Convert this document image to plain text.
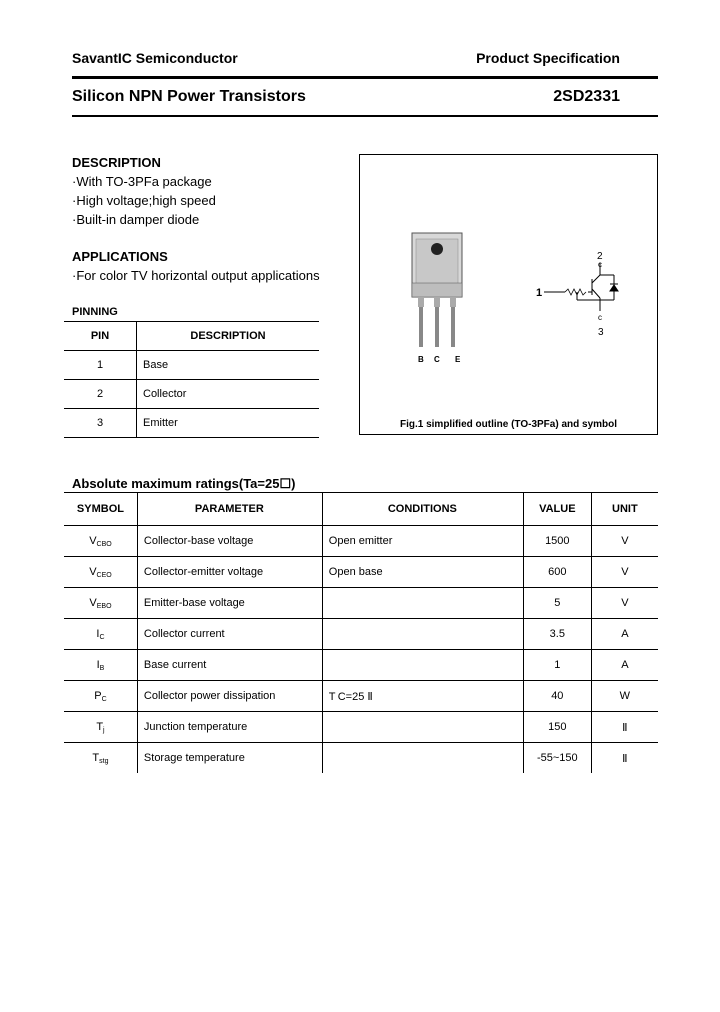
SavantIC Semiconductor	Product Specification
Silicon NPN Power Transistors	2SD2331
DESCRIPTION
·With TO-3PFa package
·High voltage;high speed
·Built-in damper diode
APPLICATIONS
·For color TV horizontal output applications
PINNING
PIN	DESCRIPTION
1	Base
2	Collector
3	Emitter
B C E
1
2
c
c
3
Fig.1 simplified outline (TO-3PFa) and symbol
Absolute maximum ratings(Ta=25☐)
SYMBOL	PARAMETER	CONDITIONS	VALUE	UNIT
$V_{CBO}$	Collector-base voltage	Open emitter	1500	V
$V_{CEO}$	Collector-emitter voltage	Open base	600	V
$V_{EBO}$	Emitter-base voltage		5	V
$I_C$	Collector current		3.5	A
$I_B$	Base current		1	A
$P_C$	Collector power dissipation	T C=25 Ⅱ	40	W
$T_j$	Junction temperature		150	Ⅱ
$T_{stg}$	Storage temperature		-55~150	Ⅱ
